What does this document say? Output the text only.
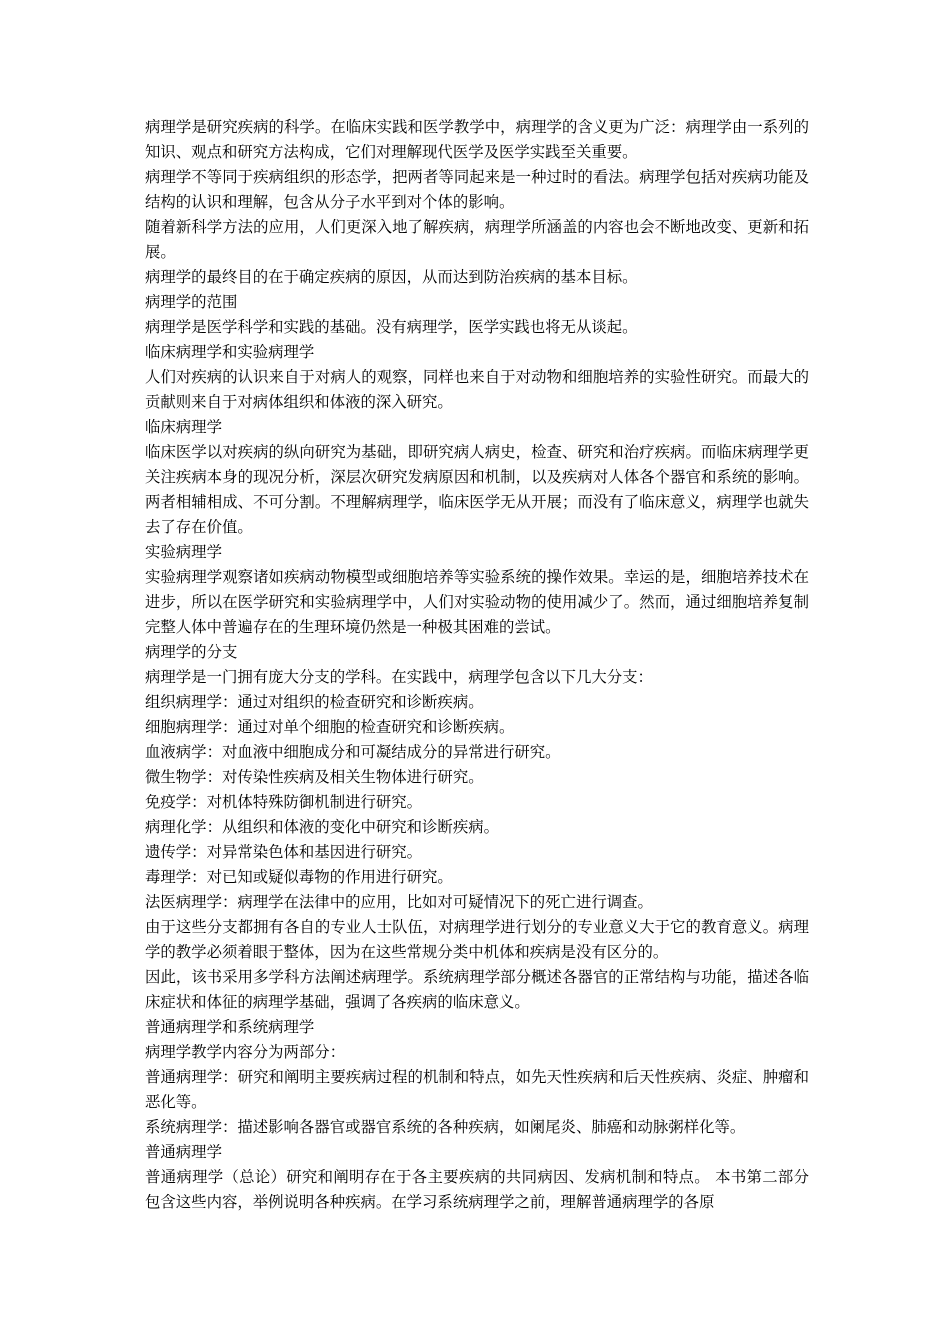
病理学是研究疾病的科学。在临床实践和医学教学中，病理学的含义更为广泛：病理学由一系列的知识、观点和研究方法构成，它们对理解现代医学及医学实践至关重要。

病理学不等同于疾病组织的形态学，把两者等同起来是一种过时的看法。病理学包括对疾病功能及结构的认识和理解，包含从分子水平到对个体的影响。

随着新科学方法的应用，人们更深入地了解疾病，病理学所涵盖的内容也会不断地改变、更新和拓展。

病理学的最终目的在于确定疾病的原因，从而达到防治疾病的基本目标。

病理学的范围

病理学是医学科学和实践的基础。没有病理学，医学实践也将无从谈起。

临床病理学和实验病理学

人们对疾病的认识来自于对病人的观察，同样也来自于对动物和细胞培养的实验性研究。而最大的贡献则来自于对病体组织和体液的深入研究。

临床病理学

临床医学以对疾病的纵向研究为基础，即研究病人病史，检查、研究和治疗疾病。而临床病理学更关注疾病本身的现况分析，深层次研究发病原因和机制，以及疾病对人体各个器官和系统的影响。两者相辅相成、不可分割。不理解病理学，临床医学无从开展；而没有了临床意义，病理学也就失去了存在价值。

实验病理学

实验病理学观察诸如疾病动物模型或细胞培养等实验系统的操作效果。幸运的是，细胞培养技术在进步，所以在医学研究和实验病理学中，人们对实验动物的使用减少了。然而，通过细胞培养复制完整人体中普遍存在的生理环境仍然是一种极其困难的尝试。

病理学的分支

病理学是一门拥有庞大分支的学科。在实践中，病理学包含以下几大分支：

组织病理学：通过对组织的检查研究和诊断疾病。

细胞病理学：通过对单个细胞的检查研究和诊断疾病。

血液病学：对血液中细胞成分和可凝结成分的异常进行研究。

微生物学：对传染性疾病及相关生物体进行研究。

免疫学：对机体特殊防御机制进行研究。

病理化学：从组织和体液的变化中研究和诊断疾病。

遗传学：对异常染色体和基因进行研究。

毒理学：对已知或疑似毒物的作用进行研究。

法医病理学：病理学在法律中的应用，比如对可疑情况下的死亡进行调查。

由于这些分支都拥有各自的专业人士队伍，对病理学进行划分的专业意义大于它的教育意义。病理学的教学必须着眼于整体，因为在这些常规分类中机体和疾病是没有区分的。

因此，该书采用多学科方法阐述病理学。系统病理学部分概述各器官的正常结构与功能，描述各临床症状和体征的病理学基础，强调了各疾病的临床意义。

普通病理学和系统病理学

病理学教学内容分为两部分：

普通病理学：研究和阐明主要疾病过程的机制和特点，如先天性疾病和后天性疾病、炎症、肿瘤和恶化等。

系统病理学：描述影响各器官或器官系统的各种疾病，如阑尾炎、肺癌和动脉粥样化等。

普通病理学

普通病理学（总论）研究和阐明存在于各主要疾病的共同病因、发病机制和特点。 本书第二部分包含这些内容，举例说明各种疾病。在学习系统病理学之前，理解普通病理学的各原
